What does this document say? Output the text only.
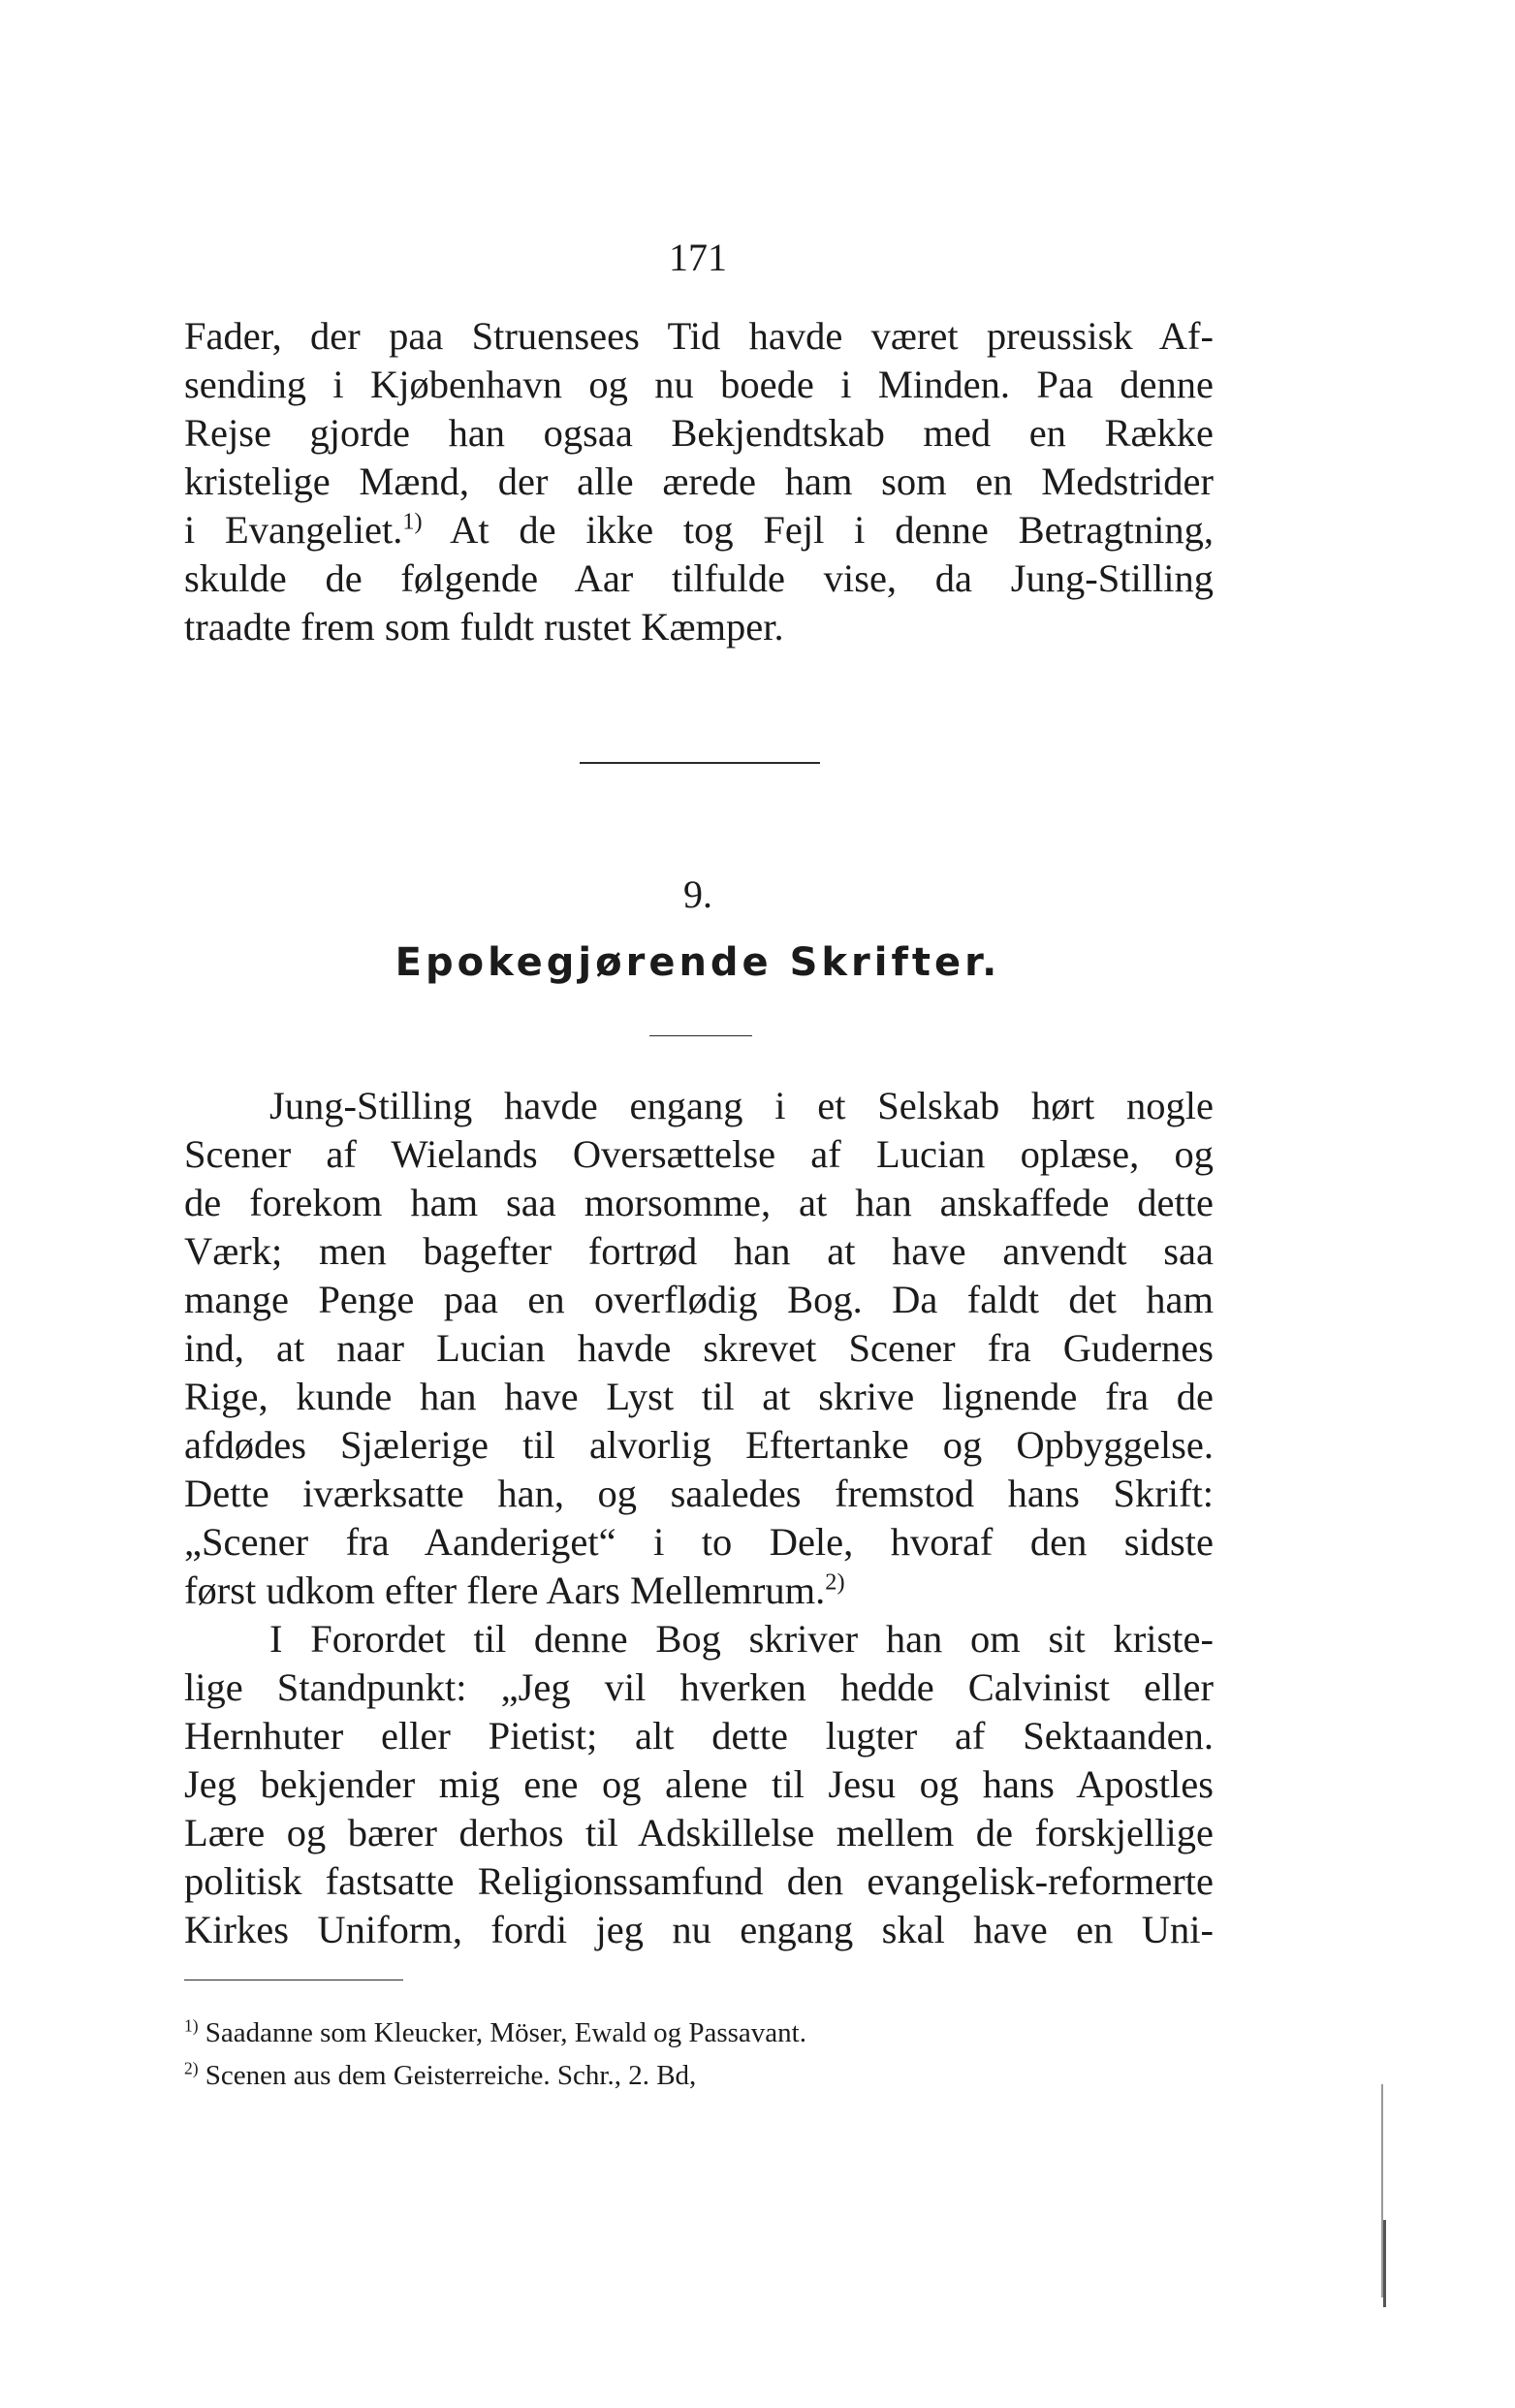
171
Fader, der paa Struensees Tid havde været preussisk Af-
sending i Kjøbenhavn og nu boede i Minden. Paa denne
Rejse gjorde han ogsaa Bekjendtskab med en Række
kristelige Mænd, der alle ærede ham som en Medstrider
i Evangeliet.$^{1)}$ At de ikke tog Fejl i denne Betragtning,
skulde de følgende Aar tilfulde vise, da Jung-Stilling
traadte frem som fuldt rustet Kæmper.
9.
Epokegjørende Skrifter.
Jung-Stilling havde engang i et Selskab hørt nogle
Scener af Wielands Oversættelse af Lucian oplæse, og
de forekom ham saa morsomme, at han anskaffede dette
Værk; men bagefter fortrød han at have anvendt saa
mange Penge paa en overflødig Bog. Da faldt det ham
ind, at naar Lucian havde skrevet Scener fra Gudernes
Rige, kunde han have Lyst til at skrive lignende fra de
afdødes Sjælerige til alvorlig Eftertanke og Opbyggelse.
Dette iværksatte han, og saaledes fremstod hans Skrift:
„Scener fra Aanderiget“ i to Dele, hvoraf den sidste
først udkom efter flere Aars Mellemrum.$^{2)}$
I Forordet til denne Bog skriver han om sit kriste-
lige Standpunkt: „Jeg vil hverken hedde Calvinist eller
Hernhuter eller Pietist; alt dette lugter af Sektaanden.
Jeg bekjender mig ene og alene til Jesu og hans Apostles
Lære og bærer derhos til Adskillelse mellem de forskjellige
politisk fastsatte Religionssamfund den evangelisk-reformerte
Kirkes Uniform, fordi jeg nu engang skal have en Uni-
$^{1)}$ Saadanne som Kleucker, Möser, Ewald og Passavant.
$^{2)}$ Scenen aus dem Geisterreiche. Schr., 2. Bd,
